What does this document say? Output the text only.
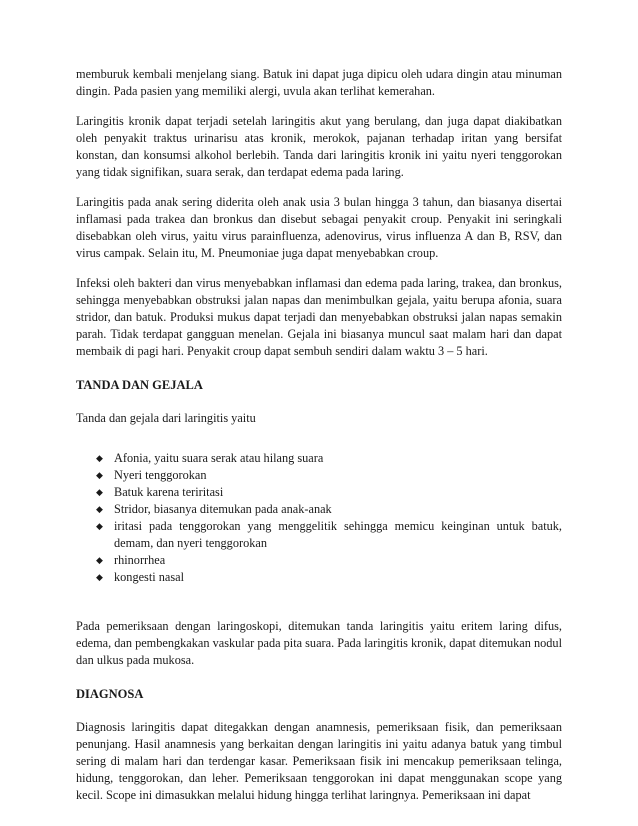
memburuk kembali menjelang siang. Batuk ini dapat juga dipicu oleh udara dingin atau minuman dingin. Pada pasien yang memiliki alergi, uvula akan terlihat kemerahan.

Laringitis kronik dapat terjadi setelah laringitis akut yang berulang, dan juga dapat diakibatkan oleh penyakit traktus urinarisu atas kronik, merokok, pajanan terhadap iritan yang bersifat konstan, dan konsumsi alkohol berlebih. Tanda dari laringitis kronik ini yaitu nyeri tenggorokan yang tidak signifikan, suara serak, dan terdapat edema pada laring.

Laringitis pada anak sering diderita oleh anak usia 3 bulan hingga 3 tahun, dan biasanya disertai inflamasi pada trakea dan bronkus dan disebut sebagai penyakit croup. Penyakit ini seringkali disebabkan oleh virus, yaitu virus parainfluenza, adenovirus, virus influenza A dan B, RSV, dan virus campak. Selain itu, M. Pneumoniae juga dapat menyebabkan croup.

Infeksi oleh bakteri dan virus menyebabkan inflamasi dan edema pada laring, trakea, dan bronkus, sehingga menyebabkan obstruksi jalan napas dan menimbulkan gejala, yaitu berupa afonia, suara stridor, dan batuk. Produksi mukus dapat terjadi dan menyebabkan obstruksi jalan napas semakin parah. Tidak terdapat gangguan menelan. Gejala ini biasanya muncul saat malam hari dan dapat membaik di pagi hari. Penyakit croup dapat sembuh sendiri dalam waktu 3 – 5 hari.

TANDA DAN GEJALA
Tanda dan gejala dari laringitis yaitu
◆ Afonia, yaitu suara serak atau hilang suara
◆ Nyeri tenggorokan
◆ Batuk karena teriritasi
◆ Stridor, biasanya ditemukan pada anak-anak
◆ iritasi pada tenggorokan yang menggelitik sehingga memicu keinginan untuk batuk, demam, dan nyeri tenggorokan
◆ rhinorrhea
◆ kongesti nasal

Pada pemeriksaan dengan laringoskopi, ditemukan tanda laringitis yaitu eritem laring difus, edema, dan pembengkakan vaskular pada pita suara. Pada laringitis kronik, dapat ditemukan nodul dan ulkus pada mukosa.

DIAGNOSA

Diagnosis laringitis dapat ditegakkan dengan anamnesis, pemeriksaan fisik, dan pemeriksaan penunjang. Hasil anamnesis yang berkaitan dengan laringitis ini yaitu adanya batuk yang timbul sering di malam hari dan terdengar kasar. Pemeriksaan fisik ini mencakup pemeriksaan telinga, hidung, tenggorokan, dan leher. Pemeriksaan tenggorokan ini dapat menggunakan scope yang kecil. Scope ini dimasukkan melalui hidung hingga terlihat laringnya. Pemeriksaan ini dapat
